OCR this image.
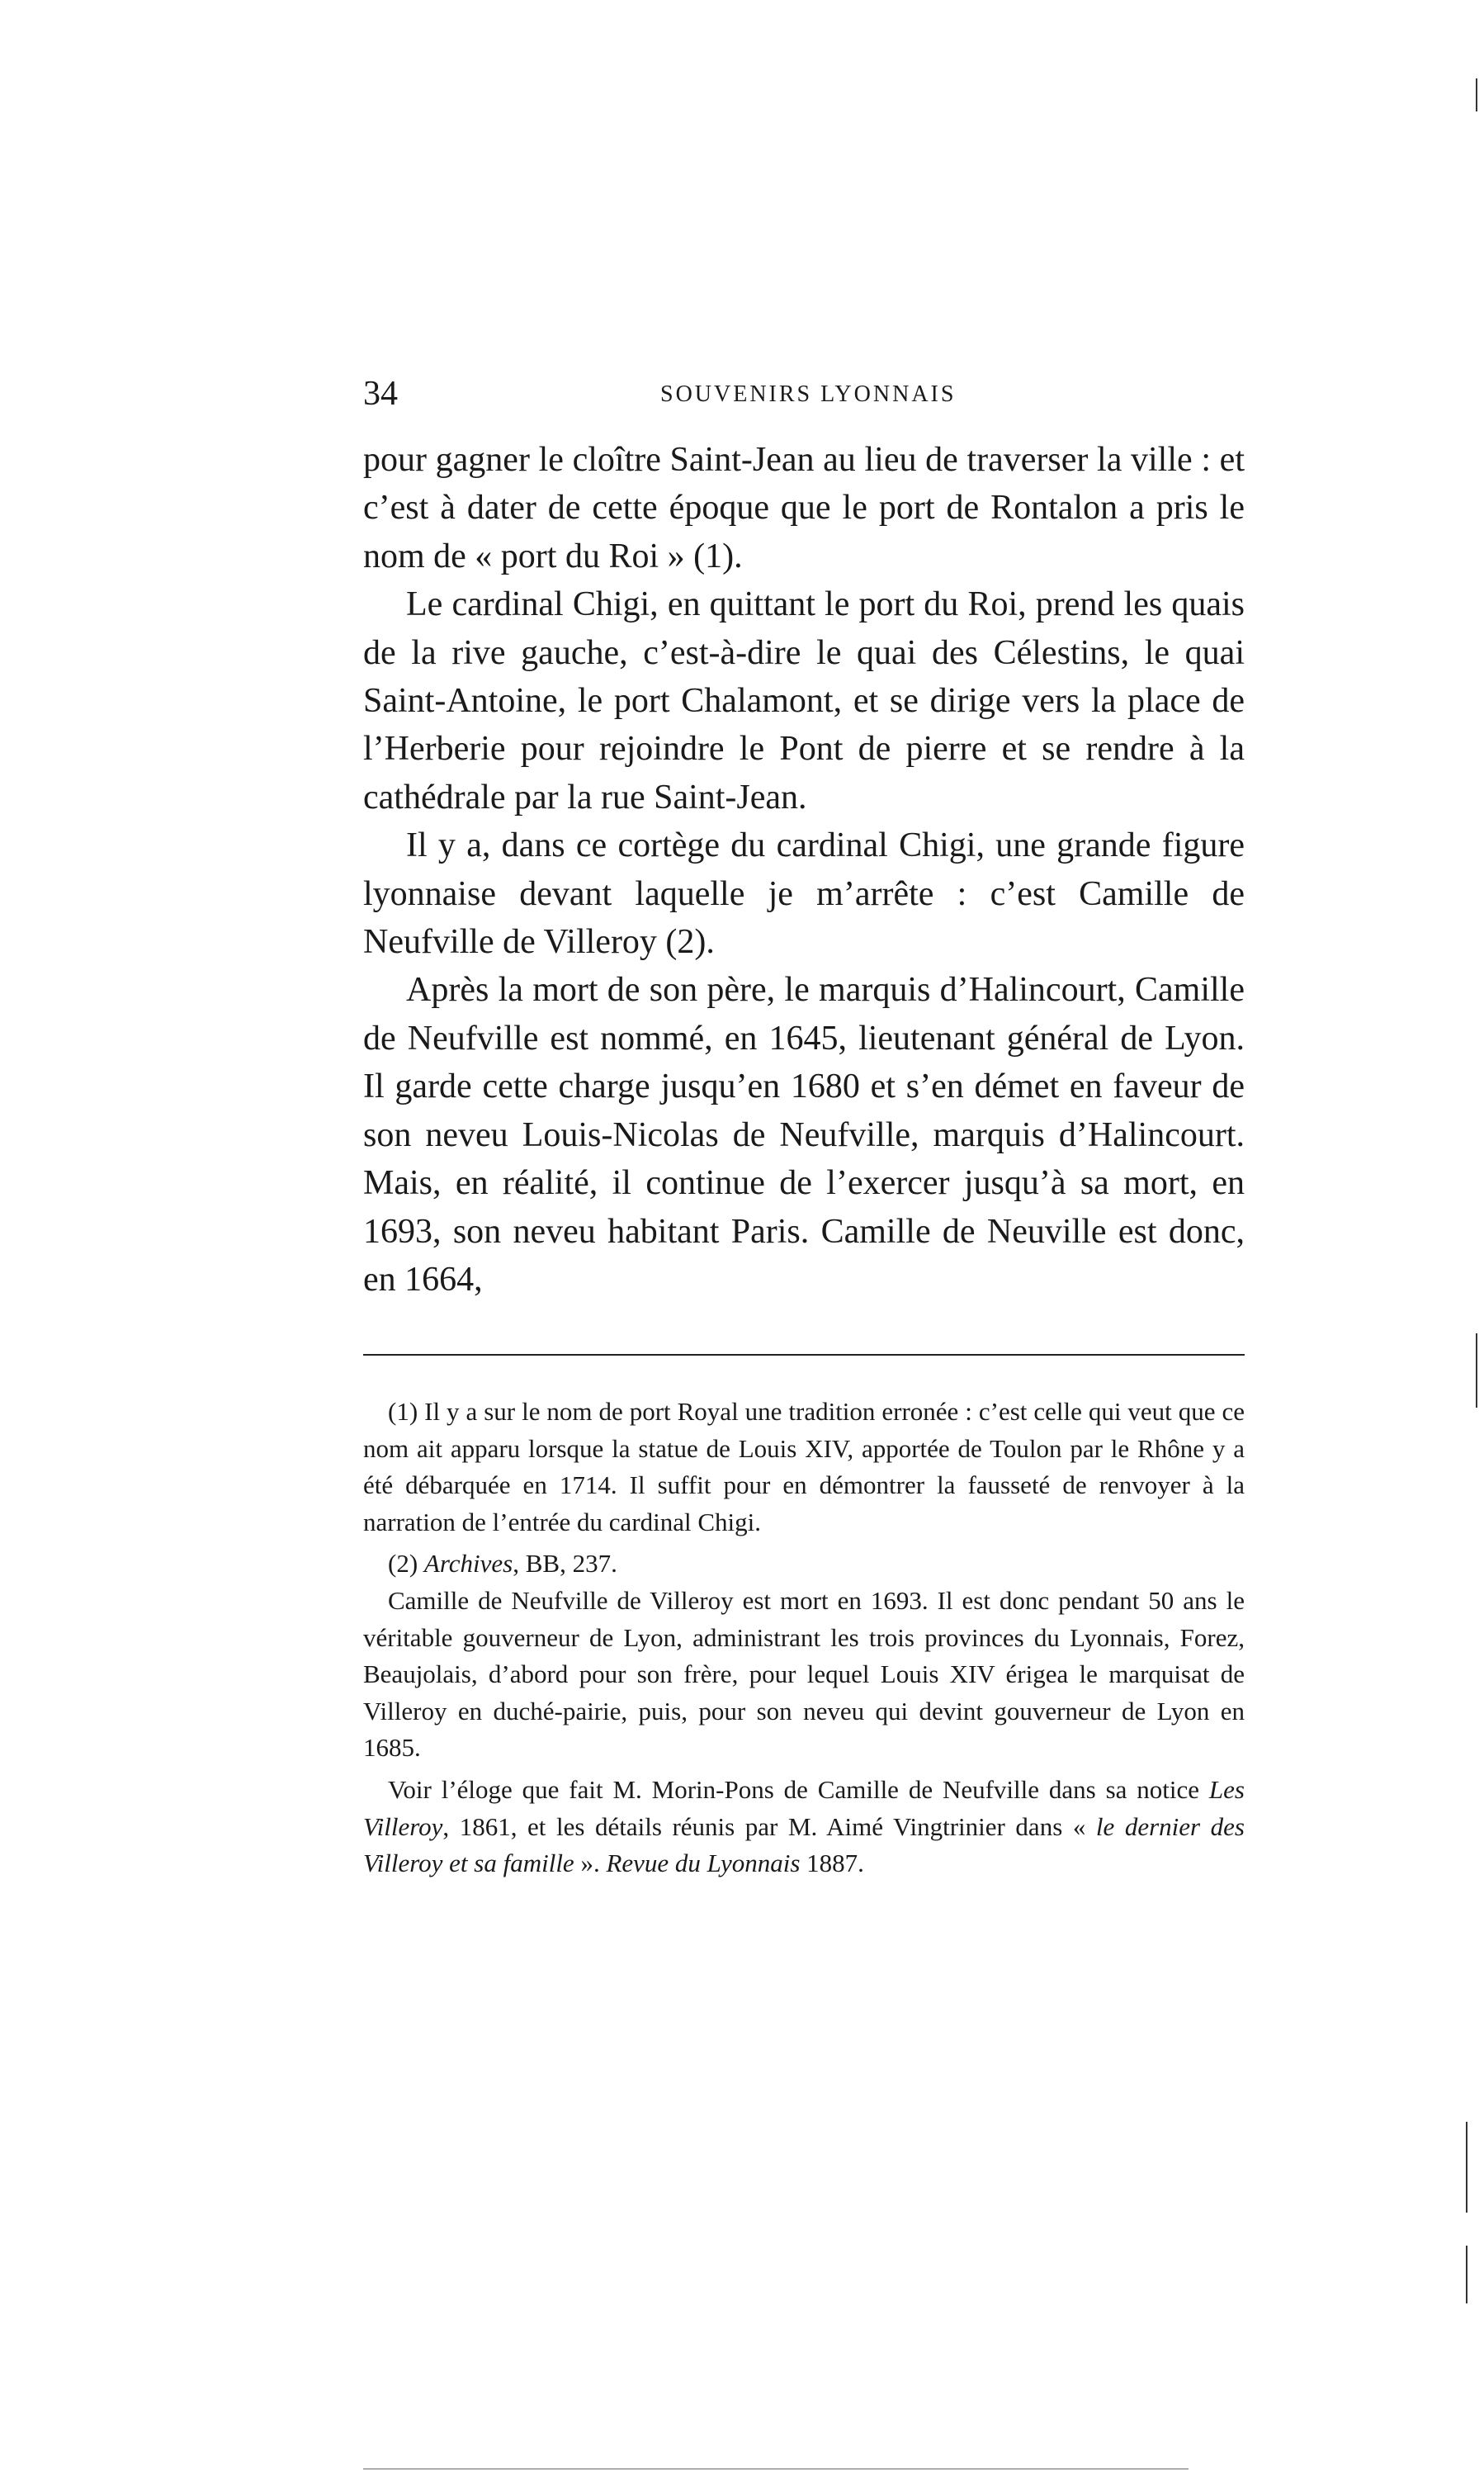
34	SOUVENIRS LYONNAIS

pour gagner le cloître Saint-Jean au lieu de traverser la ville : et c’est à dater de cette époque que le port de Rontalon a pris le nom de « port du Roi » (1).

Le cardinal Chigi, en quittant le port du Roi, prend les quais de la rive gauche, c’est-à-dire le quai des Célestins, le quai Saint-Antoine, le port Chalamont, et se dirige vers la place de l’Herberie pour rejoindre le Pont de pierre et se rendre à la cathédrale par la rue Saint-Jean.

Il y a, dans ce cortège du cardinal Chigi, une grande figure lyonnaise devant laquelle je m’arrête : c’est Camille de Neufville de Villeroy (2).

Après la mort de son père, le marquis d’Halincourt, Camille de Neufville est nommé, en 1645, lieutenant général de Lyon. Il garde cette charge jusqu’en 1680 et s’en démet en faveur de son neveu Louis-Nicolas de Neufville, marquis d’Halincourt. Mais, en réalité, il continue de l’exercer jusqu’à sa mort, en 1693, son neveu habitant Paris. Camille de Neuville est donc, en 1664,

(1) Il y a sur le nom de port Royal une tradition erronée : c’est celle qui veut que ce nom ait apparu lorsque la statue de Louis XIV, apportée de Toulon par le Rhône y a été débarquée en 1714. Il suffit pour en démontrer la fausseté de renvoyer à la narration de l’entrée du cardinal Chigi.

(2) Archives, BB, 237.

Camille de Neufville de Villeroy est mort en 1693. Il est donc pendant 50 ans le véritable gouverneur de Lyon, administrant les trois provinces du Lyonnais, Forez, Beaujolais, d’abord pour son frère, pour lequel Louis XIV érigea le marquisat de Villeroy en duché-pairie, puis, pour son neveu qui devint gouverneur de Lyon en 1685.

Voir l’éloge que fait M. Morin-Pons de Camille de Neufville dans sa notice Les Villeroy, 1861, et les détails réunis par M. Aimé Vingtrinier dans « le dernier des Villeroy et sa famille ». Revue du Lyonnais 1887.
